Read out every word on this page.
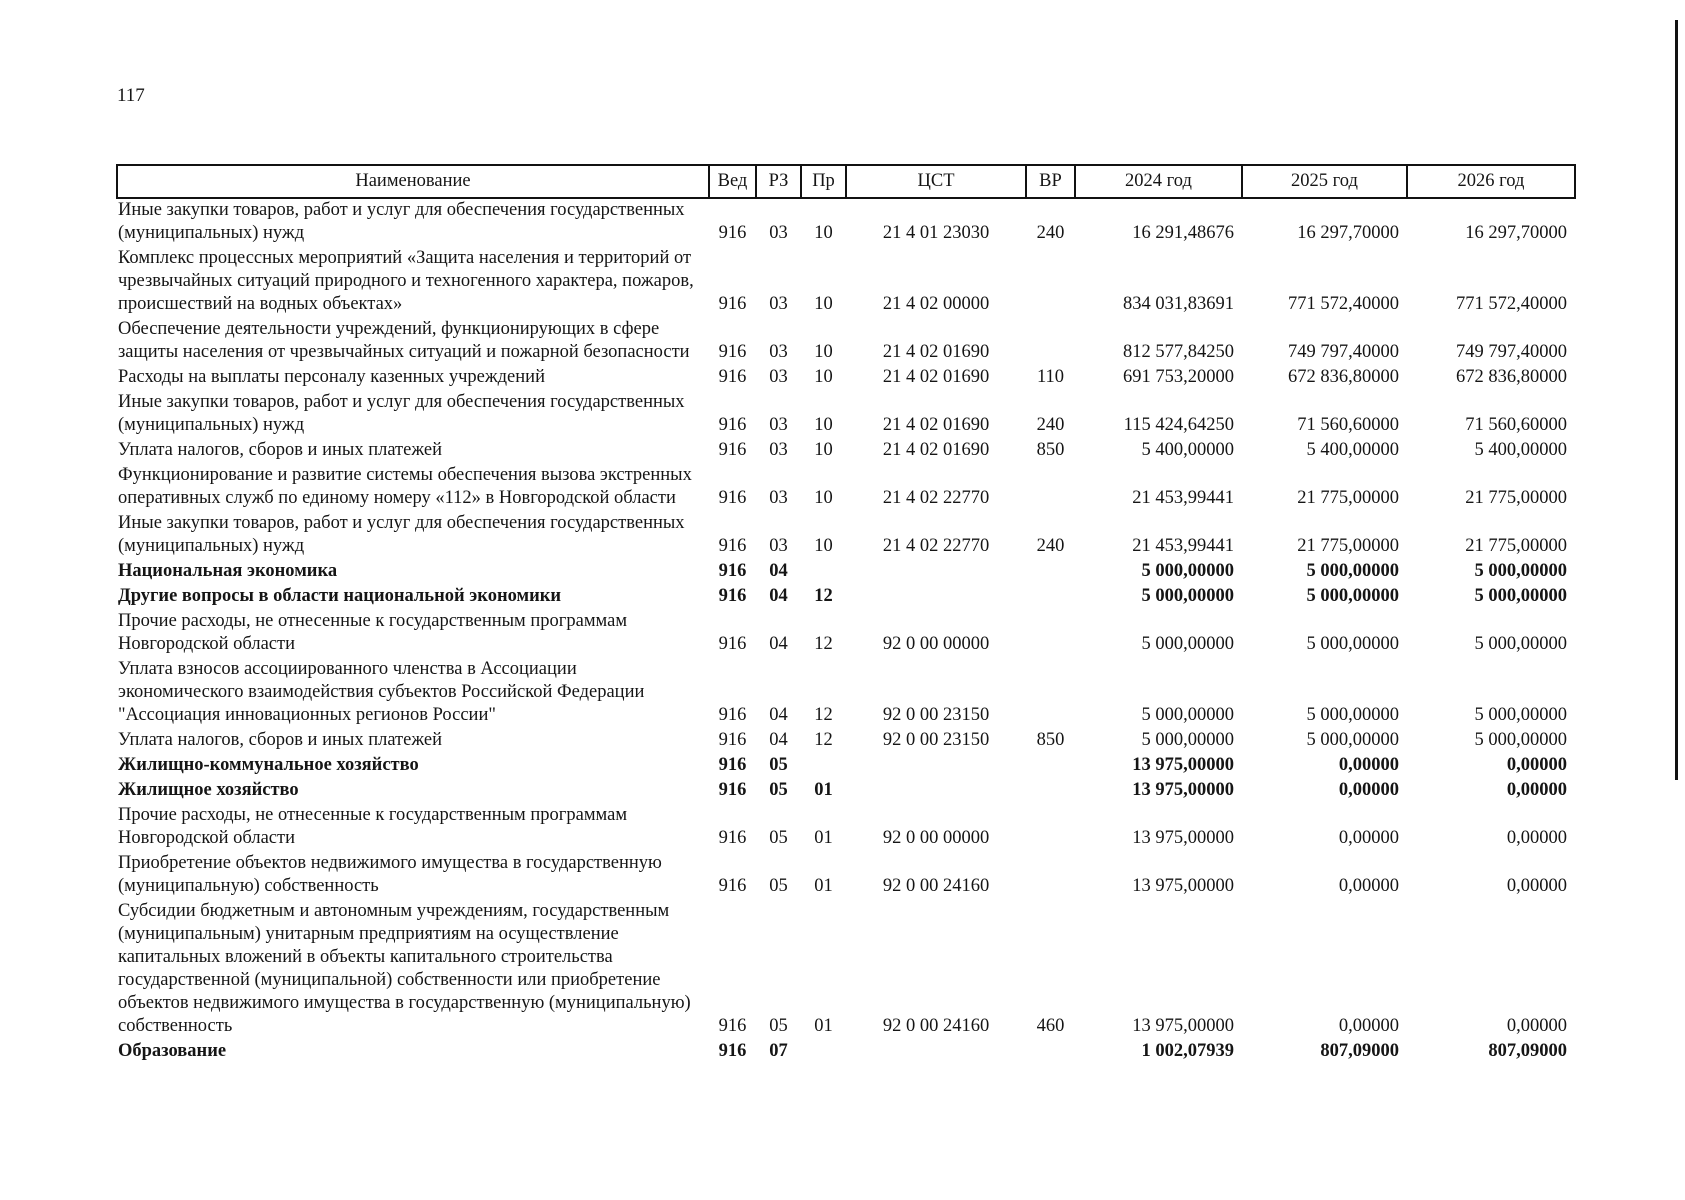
117
Наименование	Вед	РЗ	Пр	ЦСТ	ВР	2024 год	2025 год	2026 год
Иные закупки товаров, работ и услуг для обеспечения государственных (муниципальных) нужд	916	03	10	21 4 01 23030	240	16 291,48676	16 297,70000	16 297,70000
Комплекс процессных мероприятий «Защита населения и территорий от чрезвычайных ситуаций природного и техногенного характера, пожаров, происшествий на водных объектах»	916	03	10	21 4 02 00000		834 031,83691	771 572,40000	771 572,40000
Обеспечение деятельности учреждений, функционирующих в сфере защиты населения от чрезвычайных ситуаций и пожарной безопасности	916	03	10	21 4 02 01690		812 577,84250	749 797,40000	749 797,40000
Расходы на выплаты персоналу казенных учреждений	916	03	10	21 4 02 01690	110	691 753,20000	672 836,80000	672 836,80000
Иные закупки товаров, работ и услуг для обеспечения государственных (муниципальных) нужд	916	03	10	21 4 02 01690	240	115 424,64250	71 560,60000	71 560,60000
Уплата налогов, сборов и иных платежей	916	03	10	21 4 02 01690	850	5 400,00000	5 400,00000	5 400,00000
Функционирование и развитие системы обеспечения вызова экстренных оперативных служб по единому номеру «112» в Новгородской области	916	03	10	21 4 02 22770		21 453,99441	21 775,00000	21 775,00000
Иные закупки товаров, работ и услуг для обеспечения государственных (муниципальных) нужд	916	03	10	21 4 02 22770	240	21 453,99441	21 775,00000	21 775,00000
Национальная экономика	916	04				5 000,00000	5 000,00000	5 000,00000
Другие вопросы в области национальной экономики	916	04	12			5 000,00000	5 000,00000	5 000,00000
Прочие расходы, не отнесенные к государственным программам Новгородской области	916	04	12	92 0 00 00000		5 000,00000	5 000,00000	5 000,00000
Уплата взносов ассоциированного членства в Ассоциации экономического взаимодействия субъектов Российской Федерации "Ассоциация инновационных регионов России"	916	04	12	92 0 00 23150		5 000,00000	5 000,00000	5 000,00000
Уплата налогов, сборов и иных платежей	916	04	12	92 0 00 23150	850	5 000,00000	5 000,00000	5 000,00000
Жилищно-коммунальное хозяйство	916	05				13 975,00000	0,00000	0,00000
Жилищное хозяйство	916	05	01			13 975,00000	0,00000	0,00000
Прочие расходы, не отнесенные к государственным программам Новгородской области	916	05	01	92 0 00 00000		13 975,00000	0,00000	0,00000
Приобретение объектов недвижимого имущества в государственную (муниципальную) собственность	916	05	01	92 0 00 24160		13 975,00000	0,00000	0,00000
Субсидии бюджетным и автономным учреждениям, государственным (муниципальным) унитарным предприятиям на осуществление капитальных вложений в объекты капитального строительства государственной (муниципальной) собственности или приобретение объектов недвижимого имущества в государственную (муниципальную) собственность	916	05	01	92 0 00 24160	460	13 975,00000	0,00000	0,00000
Образование	916	07				1 002,07939	807,09000	807,09000
